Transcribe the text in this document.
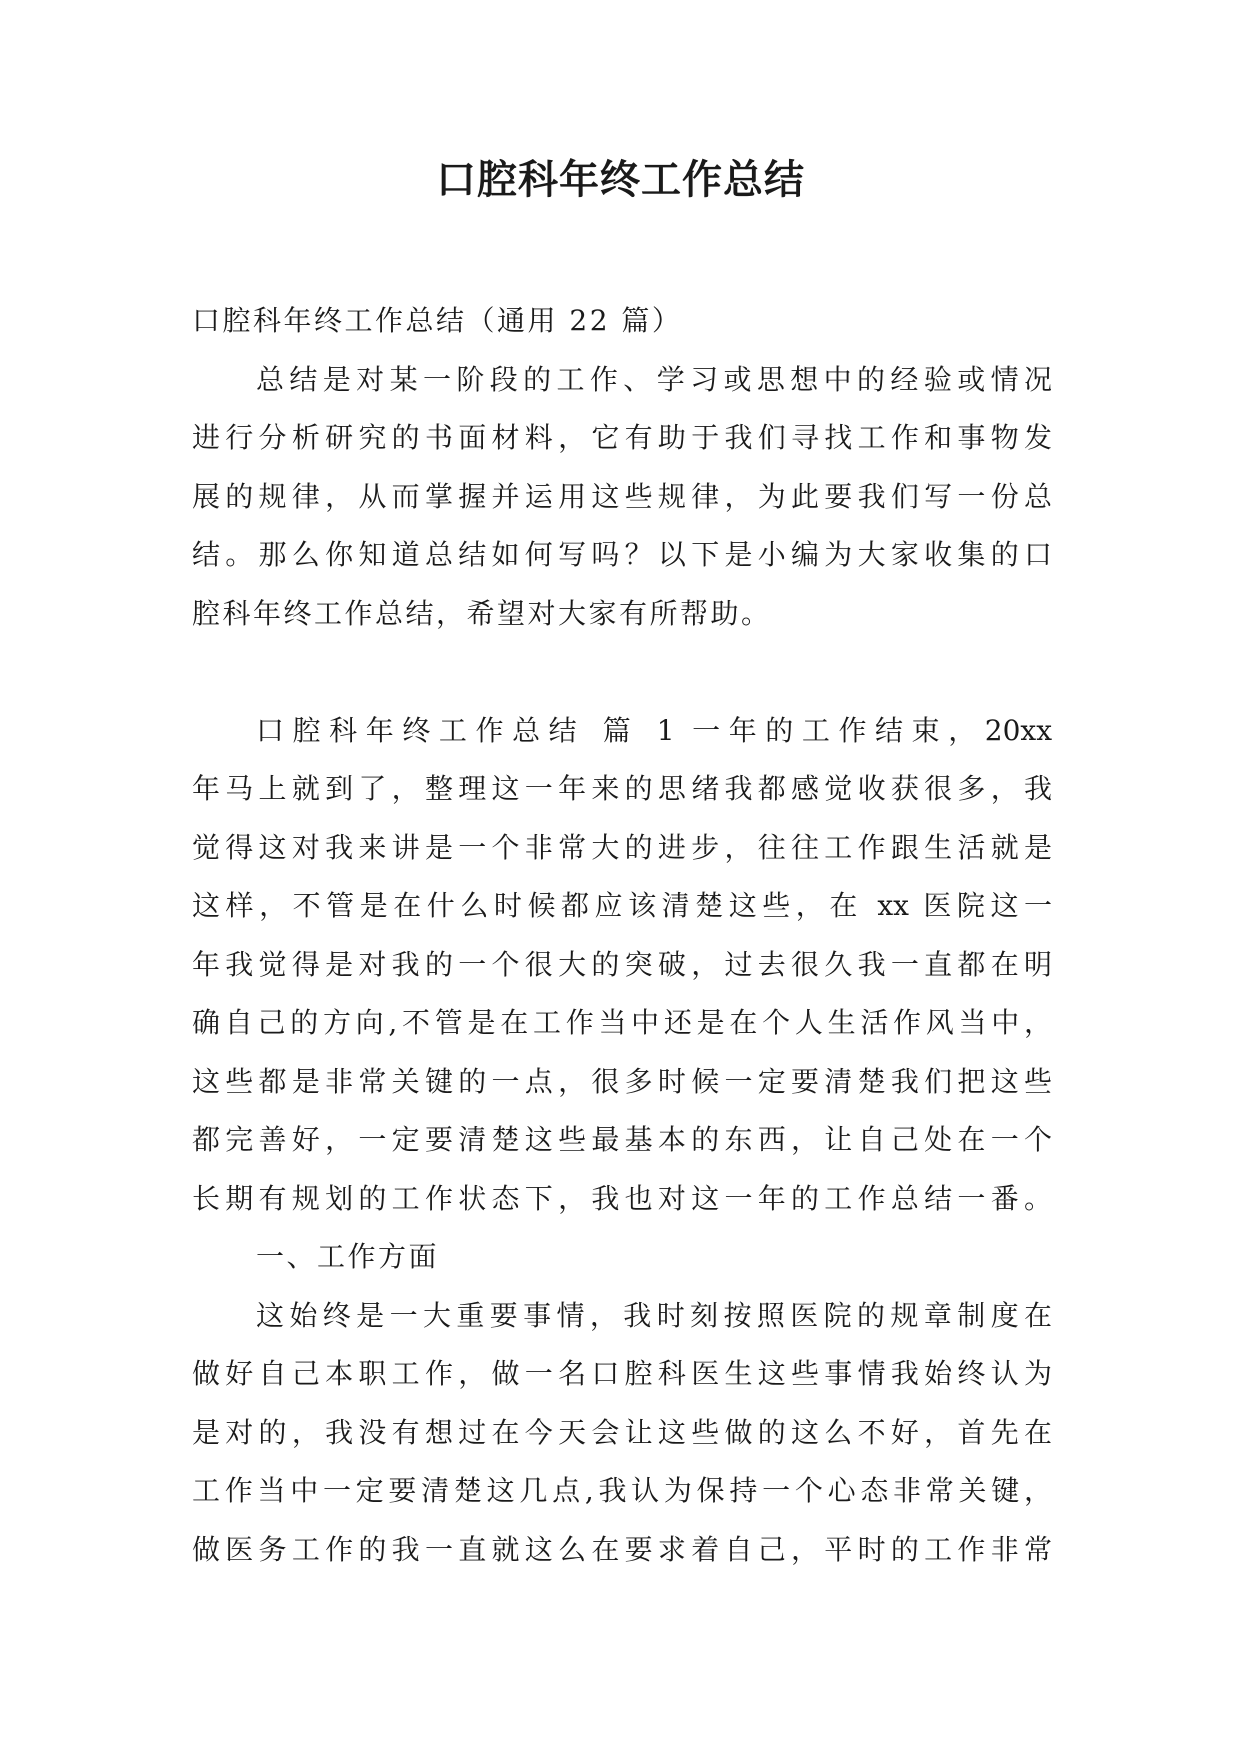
口腔科年终工作总结
口腔科年终工作总结（通用 22 篇）
总结是对某一阶段的工作、学习或思想中的经验或情况
进行分析研究的书面材料，它有助于我们寻找工作和事物发
展的规律，从而掌握并运用这些规律，为此要我们写一份总
结。那么你知道总结如何写吗？以下是小编为大家收集的口
腔科年终工作总结，希望对大家有所帮助。
口腔科年终工作总结 篇 1 一年的工作结束，20xx
年马上就到了，整理这一年来的思绪我都感觉收获很多，我
觉得这对我来讲是一个非常大的进步，往往工作跟生活就是
这样，不管是在什么时候都应该清楚这些，在 xx 医院这一
年我觉得是对我的一个很大的突破，过去很久我一直都在明
确自己的方向,不管是在工作当中还是在个人生活作风当中，
这些都是非常关键的一点，很多时候一定要清楚我们把这些
都完善好，一定要清楚这些最基本的东西，让自己处在一个
长期有规划的工作状态下，我也对这一年的工作总结一番。
一、工作方面
这始终是一大重要事情，我时刻按照医院的规章制度在
做好自己本职工作，做一名口腔科医生这些事情我始终认为
是对的，我没有想过在今天会让这些做的这么不好，首先在
工作当中一定要清楚这几点,我认为保持一个心态非常关键，
做医务工作的我一直就这么在要求着自己，平时的工作非常
